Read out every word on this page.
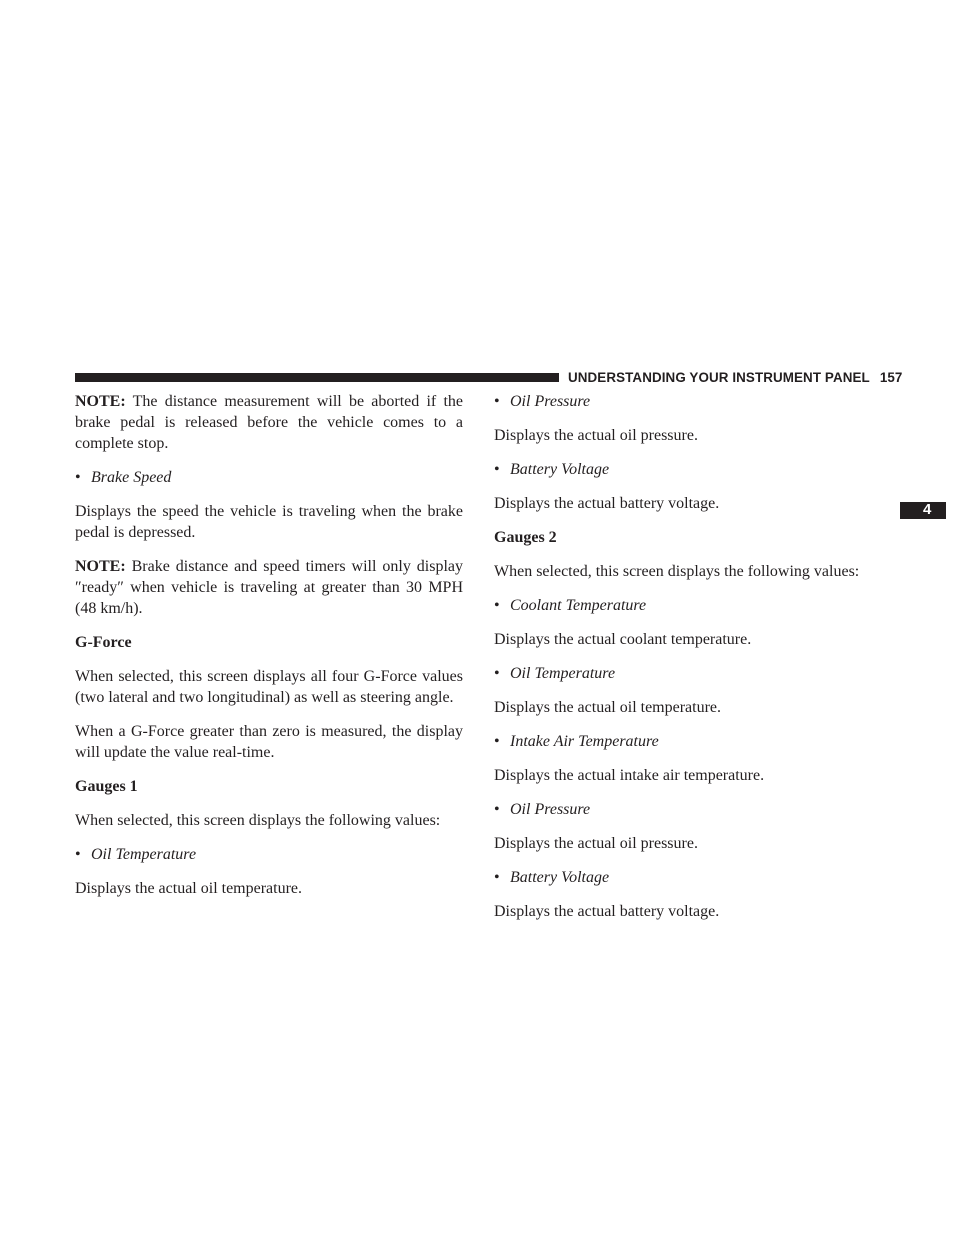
UNDERSTANDING YOUR INSTRUMENT PANEL 157
4

NOTE: The distance measurement will be aborted if the brake pedal is released before the vehicle comes to a complete stop.

• Brake Speed

Displays the speed the vehicle is traveling when the brake pedal is depressed.

NOTE: Brake distance and speed timers will only display ″ready″ when vehicle is traveling at greater than 30 MPH (48 km/h).

G-Force

When selected, this screen displays all four G-Force values (two lateral and two longitudinal) as well as steering angle.

When a G-Force greater than zero is measured, the display will update the value real-time.

Gauges 1

When selected, this screen displays the following values:

• Oil Temperature

Displays the actual oil temperature.

• Oil Pressure

Displays the actual oil pressure.

• Battery Voltage

Displays the actual battery voltage.

Gauges 2

When selected, this screen displays the following values:

• Coolant Temperature

Displays the actual coolant temperature.

• Oil Temperature

Displays the actual oil temperature.

• Intake Air Temperature

Displays the actual intake air temperature.

• Oil Pressure

Displays the actual oil pressure.

• Battery Voltage

Displays the actual battery voltage.
